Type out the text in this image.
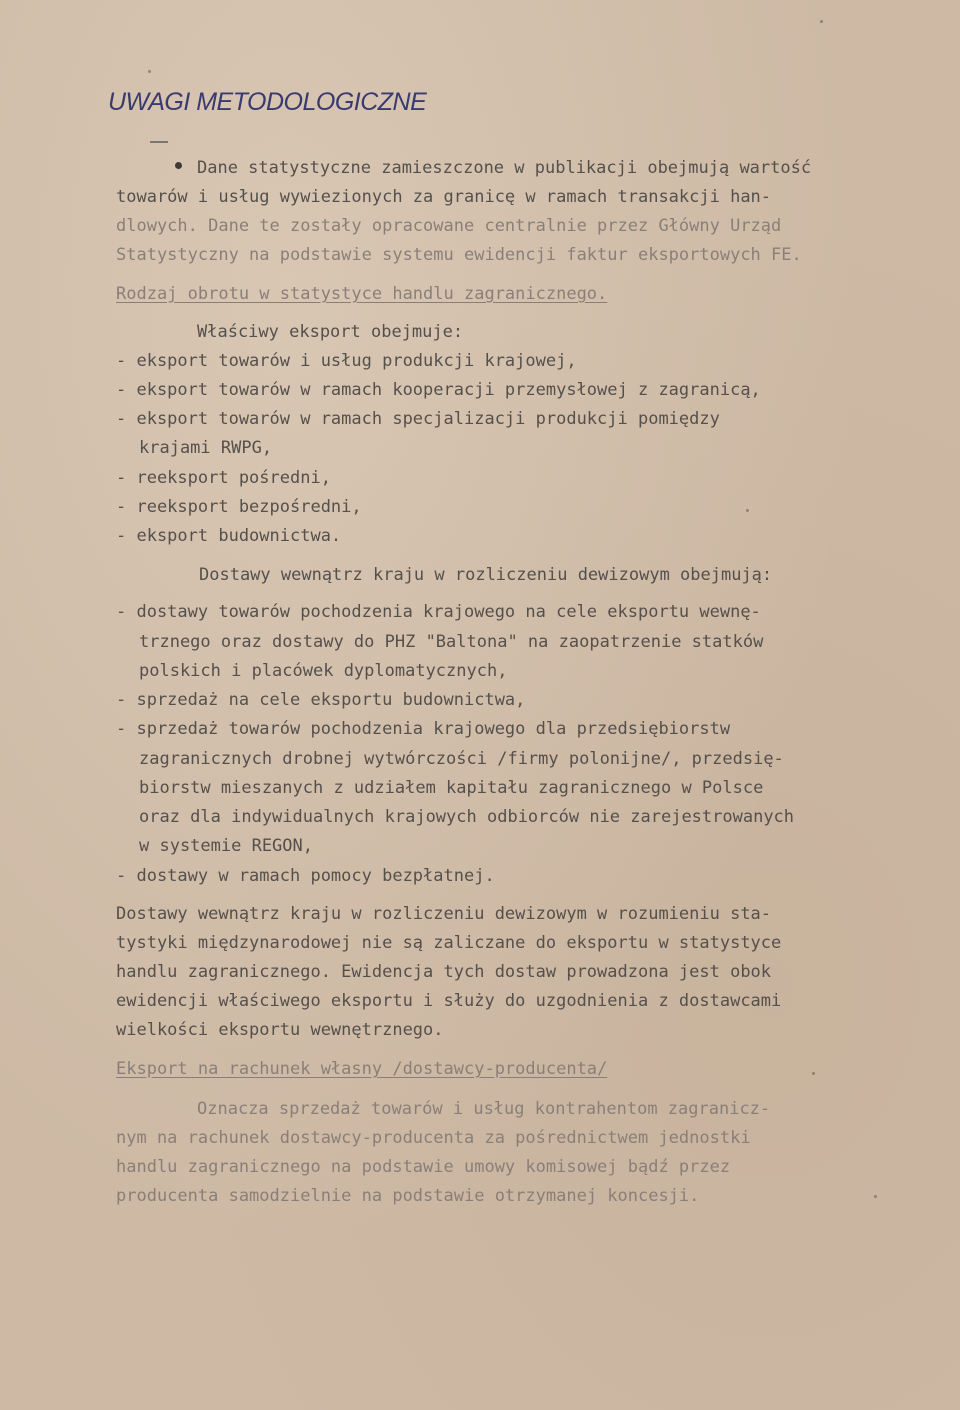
UWAGI METODOLOGICZNE

Dane statystyczne zamieszczone w publikacji obejmują wartość

towarów i usług wywiezionych za granicę w ramach transakcji han-

dlowych. Dane te zostały opracowane centralnie przez Główny Urząd

Statystyczny na podstawie systemu ewidencji faktur eksportowych FE.

Rodzaj obrotu w statystyce handlu zagranicznego.

Właściwy eksport obejmuje:

- eksport towarów i usług produkcji krajowej,

- eksport towarów w ramach kooperacji przemysłowej z zagranicą,

- eksport towarów w ramach specjalizacji produkcji pomiędzy

krajami RWPG,

- reeksport pośredni,

- reeksport bezpośredni,

- eksport budownictwa.

Dostawy wewnątrz kraju w rozliczeniu dewizowym obejmują:

- dostawy towarów pochodzenia krajowego na cele eksportu wewnę-

trznego oraz dostawy do PHZ "Baltona" na zaopatrzenie statków

polskich i placówek dyplomatycznych,

- sprzedaż na cele eksportu budownictwa,

- sprzedaż towarów pochodzenia krajowego dla przedsiębiorstw

zagranicznych drobnej wytwórczości /firmy polonijne/, przedsię-

biorstw mieszanych z udziałem kapitału zagranicznego w Polsce

oraz dla indywidualnych krajowych odbiorców nie zarejestrowanych

w systemie REGON,

- dostawy w ramach pomocy bezpłatnej.

Dostawy wewnątrz kraju w rozliczeniu dewizowym w rozumieniu sta-

tystyki międzynarodowej nie są zaliczane do eksportu w statystyce

handlu zagranicznego. Ewidencja tych dostaw prowadzona jest obok

ewidencji właściwego eksportu i służy do uzgodnienia z dostawcami

wielkości eksportu wewnętrznego.

Eksport na rachunek własny /dostawcy-producenta/

Oznacza sprzedaż towarów i usług kontrahentom zagranicz-

nym na rachunek dostawcy-producenta za pośrednictwem jednostki

handlu zagranicznego na podstawie umowy komisowej bądź przez

producenta samodzielnie na podstawie otrzymanej koncesji.
